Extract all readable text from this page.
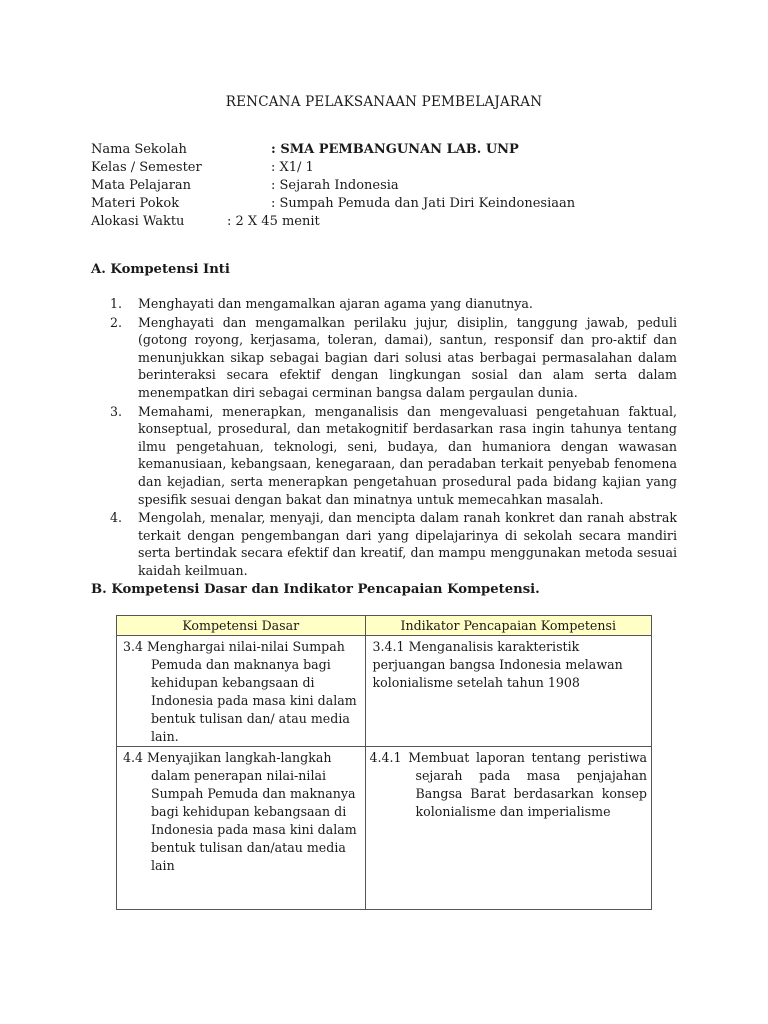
RENCANA PELAKSANAAN PEMBELAJARAN
Nama Sekolah	: SMA PEMBANGUNAN LAB. UNP
Kelas / Semester	: X1/ 1
Mata Pelajaran	: Sejarah Indonesia
Materi Pokok	: Sumpah Pemuda dan Jati Diri Keindonesiaan
Alokasi Waktu	: 2 X 45 menit
A. Kompetensi Inti
1. Menghayati dan mengamalkan ajaran agama yang dianutnya.
2. Menghayati dan mengamalkan perilaku jujur, disiplin, tanggung jawab, peduli (gotong royong, kerjasama, toleran, damai), santun, responsif dan pro-aktif dan menunjukkan sikap sebagai bagian dari solusi atas berbagai permasalahan dalam berinteraksi secara efektif dengan lingkungan sosial dan alam serta dalam menempatkan diri sebagai cerminan bangsa dalam pergaulan dunia.
3. Memahami, menerapkan, menganalisis dan mengevaluasi pengetahuan faktual, konseptual, prosedural, dan metakognitif berdasarkan rasa ingin tahunya tentang ilmu pengetahuan, teknologi, seni, budaya, dan humaniora dengan wawasan kemanusiaan, kebangsaan, kenegaraan, dan peradaban terkait penyebab fenomena dan kejadian, serta menerapkan pengetahuan prosedural pada bidang kajian yang spesifik sesuai dengan bakat dan minatnya untuk memecahkan masalah.
4. Mengolah, menalar, menyaji, dan mencipta dalam ranah konkret dan ranah abstrak terkait dengan pengembangan dari yang dipelajarinya di sekolah secara mandiri serta bertindak secara efektif dan kreatif, dan mampu menggunakan metoda sesuai kaidah keilmuan.
B. Kompetensi Dasar dan Indikator Pencapaian Kompetensi.
Kompetensi Dasar	Indikator Pencapaian Kompetensi

3.4 Menghargai nilai-nilai Sumpah Pemuda dan maknanya bagi kehidupan kebangsaan di Indonesia pada masa kini dalam bentuk tulisan dan/ atau media lain.	3.4.1 Menganalisis karakteristik perjuangan bangsa Indonesia melawan kolonialisme setelah tahun 1908

4.4 Menyajikan langkah-langkah dalam penerapan nilai-nilai Sumpah Pemuda dan maknanya bagi kehidupan kebangsaan di Indonesia pada masa kini dalam bentuk tulisan dan/atau media lain	4.4.1 Membuat laporan tentang peristiwa sejarah pada masa penjajahan Bangsa Barat berdasarkan konsep kolonialisme dan imperialisme
